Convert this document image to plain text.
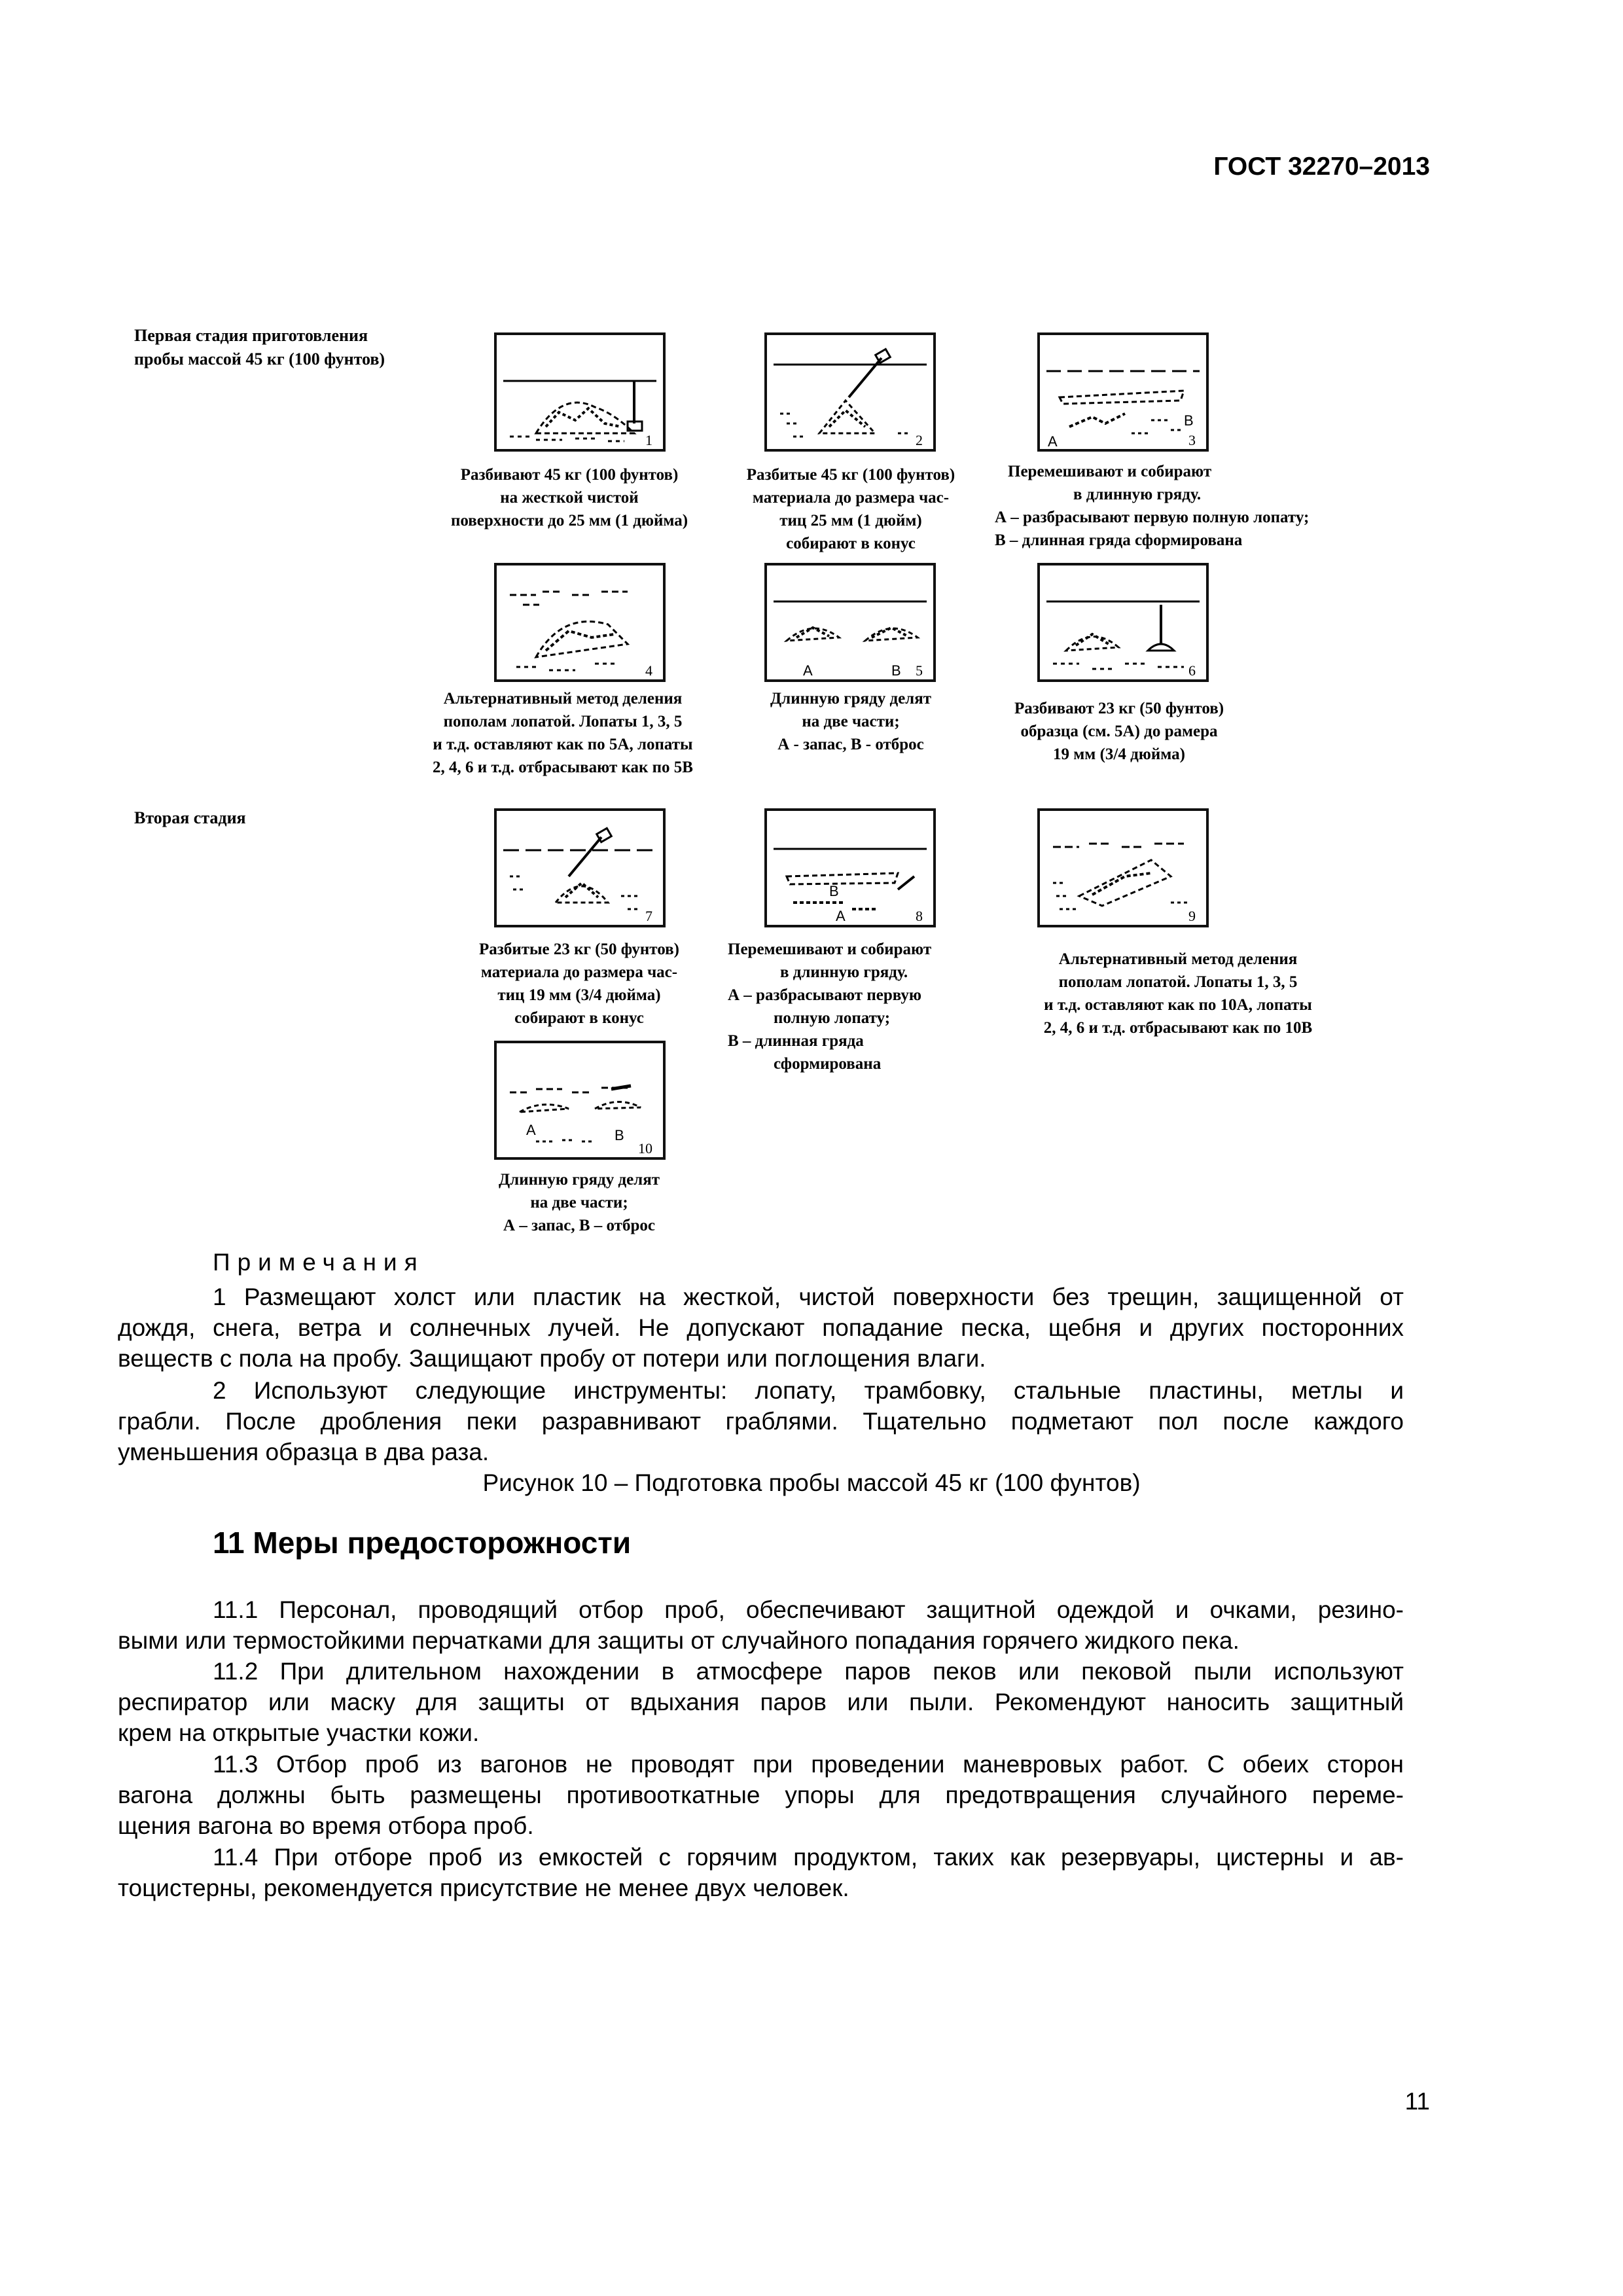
ГОСТ 32270–2013
Первая стадия приготовления
пробы массой 45 кг (100 фунтов)
Вторая стадия
1
Разбивают 45 кг (100 фунтов)
на жесткой чистой
поверхности до 25 мм (1 дюйма)
2
Разбитые 45 кг (100 фунтов)
материала до размера час-
тиц 25 мм (1 дюйм)
собирают в конус
A
B
3
Перемешивают и собирают
в длинную гряду.
А – разбрасывают первую полную лопату;
В – длинная гряда сформирована
4
Альтернативный метод деления
пополам лопатой. Лопаты 1, 3, 5
и т.д. оставляют как по 5А, лопаты
2, 4, 6 и т.д. отбрасывают как по 5В
A	B 5
Длинную гряду делят
на две части;
А - запас, В - отброс
6
Разбивают 23 кг (50 фунтов)
образца (см. 5А) до рамера
19 мм (3/4 дюйма)
7
Разбитые 23 кг (50 фунтов)
материала до размера час-
тиц 19 мм (3/4 дюйма)
собирают в конус
B
A	8
Перемешивают и собирают
в длинную гряду.
А – разбрасывают первую
полную лопату;
В – длинная гряда
сформирована
9
Альтернативный метод деления
пополам лопатой. Лопаты 1, 3, 5
и т.д. оставляют как по 10А, лопаты
2, 4, 6 и т.д. отбрасывают как по 10В
A	B
10
Длинную гряду делят
на две части;
А – запас, В – отброс
Примечания
1 Размещают холст или пластик на жесткой, чистой поверхности без трещин, защищенной от
дождя, снега, ветра и солнечных лучей. Не допускают попадание песка, щебня и других посторонних
веществ с пола на пробу. Защищают пробу от потери или поглощения влаги.
2 Используют следующие инструменты: лопату, трамбовку, стальные пластины, метлы и
грабли. После дробления пеки разравнивают граблями. Тщательно подметают пол после каждого
уменьшения образца в два раза.
Рисунок 10 – Подготовка пробы массой 45 кг (100 фунтов)
11 Меры предосторожности
11.1 Персонал, проводящий отбор проб, обеспечивают защитной одеждой и очками, резино-
выми или термостойкими перчатками для защиты от случайного попадания горячего жидкого пека.
11.2 При длительном нахождении в атмосфере паров пеков или пековой пыли используют
респиратор или маску для защиты от вдыхания паров или пыли. Рекомендуют наносить защитный
крем на открытые участки кожи.
11.3 Отбор проб из вагонов не проводят при проведении маневровых работ. С обеих сторон
вагона должны быть размещены противооткатные упоры для предотвращения случайного переме-
щения вагона во время отбора проб.
11.4 При отборе проб из емкостей с горячим продуктом, таких как резервуары, цистерны и ав-
тоцистерны, рекомендуется присутствие не менее двух человек.
11
